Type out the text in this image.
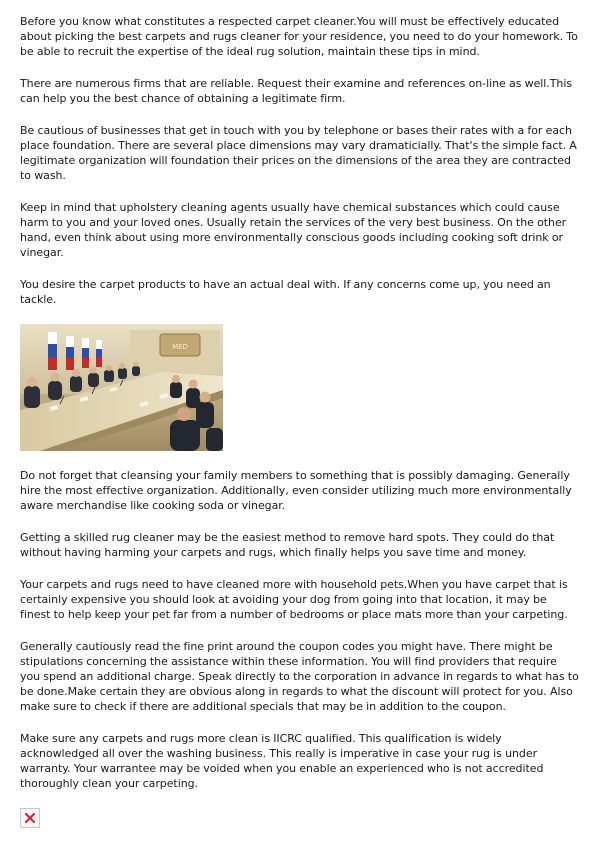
Before you know what constitutes a respected carpet cleaner.You will must be effectively educated about picking the best carpets and rugs cleaner for your residence, you need to do your homework. To be able to recruit the expertise of the ideal rug solution, maintain these tips in mind.

There are numerous firms that are reliable. Request their examine and references on-line as well.This can help you the best chance of obtaining a legitimate firm.

Be cautious of businesses that get in touch with you by telephone or bases their rates with a for each place foundation. There are several place dimensions may vary dramaticially. That's the simple fact. A legitimate organization will foundation their prices on the dimensions of the area they are contracted to wash.

Keep in mind that upholstery cleaning agents usually have chemical substances which could cause harm to you and your loved ones. Usually retain the services of the very best business. On the other hand, even think about using more environmentally conscious goods including cooking soft drink or vinegar.

You desire the carpet products to have an actual deal with. If any concerns come up, you need an tackle.

MED

Do not forget that cleansing your family members to something that is possibly damaging. Generally hire the most effective organization. Additionally, even consider utilizing much more environmentally aware merchandise like cooking soda or vinegar.

Getting a skilled rug cleaner may be the easiest method to remove hard spots. They could do that without having harming your carpets and rugs, which finally helps you save time and money.

Your carpets and rugs need to have cleaned more with household pets.When you have carpet that is certainly expensive you should look at avoiding your dog from going into that location, it may be finest to help keep your pet far from a number of bedrooms or place mats more than your carpeting.

Generally cautiously read the fine print around the coupon codes you might have. There might be stipulations concerning the assistance within these information. You will find providers that require you spend an additional charge. Speak directly to the corporation in advance in regards to what has to be done.Make certain they are obvious along in regards to what the discount will protect for you. Also make sure to check if there are additional specials that may be in addition to the coupon.

Make sure any carpets and rugs more clean is IICRC qualified. This qualification is widely acknowledged all over the washing business. This really is imperative in case your rug is under warranty. Your warrantee may be voided when you enable an experienced who is not accredited thoroughly clean your carpeting.
